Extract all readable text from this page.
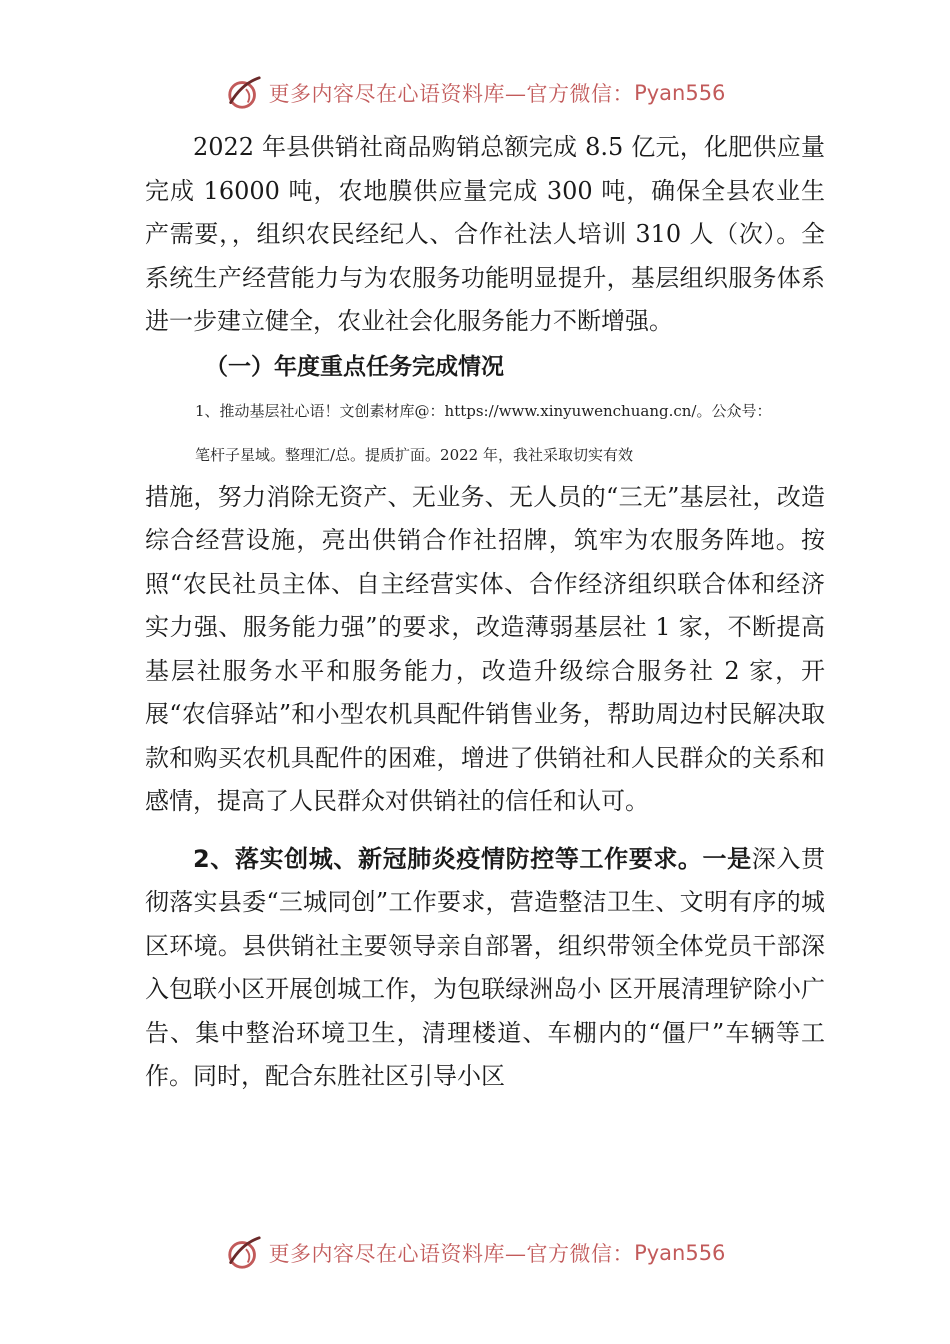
更多内容尽在心语资料库—官方微信： Pyan556

2022 年县供销社商品购销总额完成 8.5 亿元，化肥供应量完成 16000 吨，农地膜供应量完成 300 吨，确保全县农业生产需要，，组织农民经纪人、合作社法人培训 310 人（次）。全系统生产经营能力与为农服务功能明显提升，基层组织服务体系进一步建立健全，农业社会化服务能力不断增强。

（一）年度重点任务完成情况

1、推动基层社心语！文创素材库@：https://www.xinyuwenchuang.cn/。公众号：

笔杆子星域。整理汇/总。提质扩面。2022 年，我社采取切实有效

措施，努力消除无资产、无业务、无人员的“三无”基层社，改造综合经营设施，亮出供销合作社招牌，筑牢为农服务阵地。按照“农民社员主体、自主经营实体、合作经济组织联合体和经济实力强、服务能力强”的要求，改造薄弱基层社 1 家，不断提高基层社服务水平和服务能力，改造升级综合服务社 2 家，开展“农信驿站”和小型农机具配件销售业务，帮助周边村民解决取款和购买农机具配件的困难，增进了供销社和人民群众的关系和感情，提高了人民群众对供销社的信任和认可。

2、落实创城、新冠肺炎疫情防控等工作要求。一是深入贯彻落实县委“三城同创”工作要求，营造整洁卫生、文明有序的城区环境。县供销社主要领导亲自部署，组织带领全体党员干部深入包联小区开展创城工作，为包联绿洲岛小 区开展清理铲除小广告、集中整治环境卫生，清理楼道、车棚内的“僵尸”车辆等工作。同时，配合东胜社区引导小区

更多内容尽在心语资料库—官方微信： Pyan556
